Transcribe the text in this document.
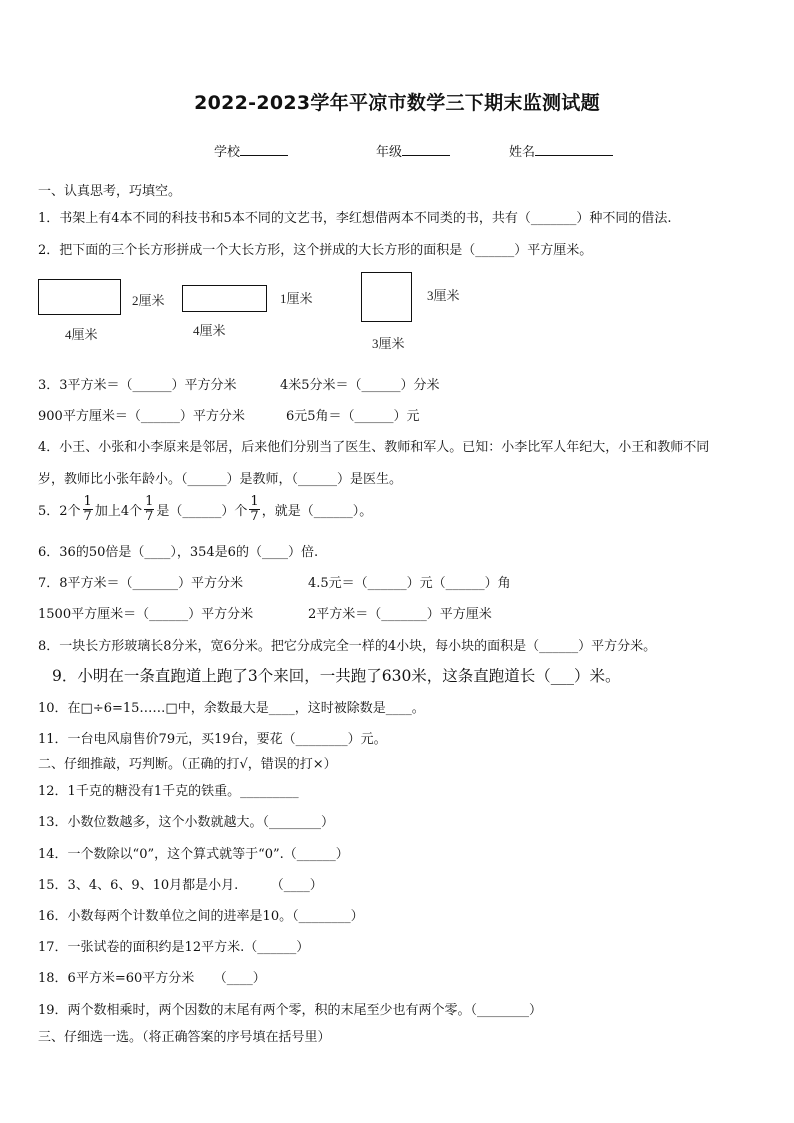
2022-2023学年平凉市数学三下期末监测试题
学校	年级	姓名
一、认真思考，巧填空。
1．书架上有4本不同的科技书和5本不同的文艺书，李红想借两本不同类的书，共有（_______）种不同的借法.
2．把下面的三个长方形拼成一个大长方形，这个拼成的大长方形的面积是（______）平方厘米。
2厘米
4厘米
1厘米
4厘米
3厘米
3厘米
3．3平方米＝（______）平方分米	4米5分米＝（______）分米
900平方厘米＝（______）平方分米	6元5角＝（______）元
4．小王、小张和小李原来是邻居，后来他们分别当了医生、教师和军人。已知：小李比军人年纪大，小王和教师不同
岁，教师比小张年龄小。（______）是教师，（______）是医生。
5．2个 $\frac{1}{7}$ 加上4个 $\frac{1}{7}$ 是（______）个 $\frac{1}{7}$ ，就是（______）。
6．36的50倍是（____），354是6的（____）倍.
7．8平方米＝（_______）平方分米	4.5元＝（______）元（______）角
1500平方厘米＝（______）平方分米	2平方米＝（_______）平方厘米
8．一块长方形玻璃长8分米，宽6分米。把它分成完全一样的4小块，每小块的面积是（______）平方分米。
9．小明在一条直跑道上跑了3个来回，一共跑了630米，这条直跑道长（___）米。
10．在□÷6=15……□中，余数最大是____，这时被除数是____。
11．一台电风扇售价79元，买19台，要花（________）元。
二、仔细推敲，巧判断。（正确的打√，错误的打×）
12．1千克的糖没有1千克的铁重。_________
13．小数位数越多，这个小数就越大。（________）
14．一个数除以“0”，这个算式就等于“0”.（______）
15．3、4、6、9、10月都是小月.　　　（____）
16．小数每两个计数单位之间的进率是10。（________）
17．一张试卷的面积约是12平方米.（______）
18．6平方米=60平方分米　　（____）
19．两个数相乘时，两个因数的末尾有两个零，积的末尾至少也有两个零。（________）
三、仔细选一选。（将正确答案的序号填在括号里）
